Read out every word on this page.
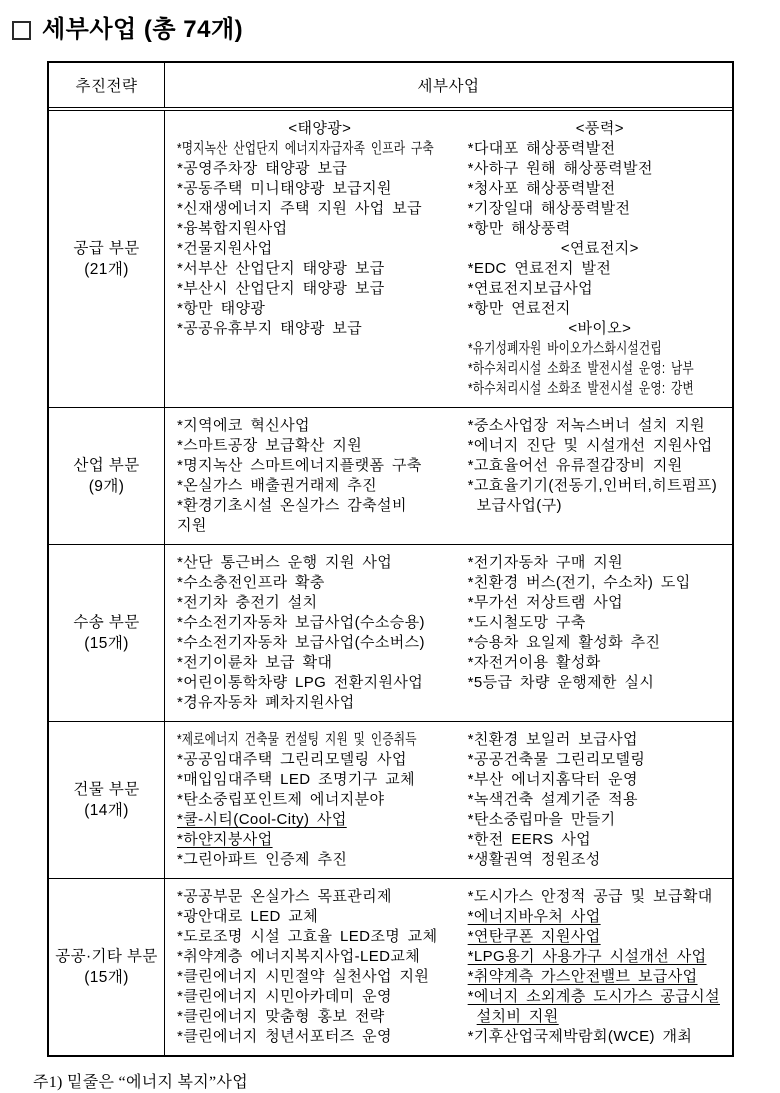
세부사업 (총 74개)
추진전략	세부사업
공급 부문
(21개)
<태양광>
*명지녹산 산업단지 에너지자급자족 인프라 구축
*공영주차장 태양광 보급
*공동주택 미니태양광 보급지원
*신재생에너지 주택 지원 사업 보급
*융복합지원사업
*건물지원사업
*서부산 산업단지 태양광 보급
*부산시 산업단지 태양광 보급
*항만 태양광
*공공유휴부지 태양광 보급
<풍력>
*다대포 해상풍력발전
*사하구 원해 해상풍력발전
*청사포 해상풍력발전
*기장일대 해상풍력발전
*항만 해상풍력
<연료전지>
*EDC 연료전지 발전
*연료전지보급사업
*항만 연료전지
<바이오>
*유기성폐자원 바이오가스화시설건립
*하수처리시설 소화조 발전시설 운영: 남부
*하수처리시설 소화조 발전시설 운영: 강변
산업 부문
(9개)
*지역에코 혁신사업
*스마트공장 보급확산 지원
*명지녹산 스마트에너지플랫폼 구축
*온실가스 배출권거래제 추진
*환경기초시설 온실가스 감축설비
지원
*중소사업장 저녹스버너 설치 지원
*에너지 진단 및 시설개선 지원사업
*고효율어선 유류절감장비 지원
*고효율기기(전동기,인버터,히트펌프)
보급사업(구)
수송 부문
(15개)
*산단 통근버스 운행 지원 사업
*수소충전인프라 확충
*전기차 충전기 설치
*수소전기자동차 보급사업(수소승용)
*수소전기자동차 보급사업(수소버스)
*전기이륜차 보급 확대
*어린이통학차량 LPG 전환지원사업
*경유자동차 폐차지원사업
*전기자동차 구매 지원
*친환경 버스(전기, 수소차) 도입
*무가선 저상트램 사업
*도시철도망 구축
*승용차 요일제 활성화 추진
*자전거이용 활성화
*5등급 차량 운행제한 실시
건물 부문
(14개)
*제로에너지 건축물 컨설팅 지원 및 인증취득
*공공임대주택 그린리모델링 사업
*매입임대주택 LED 조명기구 교체
*탄소중립포인트제 에너지분야
*쿨-시티(Cool-City) 사업
*하얀지붕사업
*그린아파트 인증제 추진
*친환경 보일러 보급사업
*공공건축물 그린리모델링
*부산 에너지홈닥터 운영
*녹색건축 설계기준 적용
*탄소중립마을 만들기
*한전 EERS 사업
*생활권역 정원조성
공공·기타 부문
(15개)
*공공부문 온실가스 목표관리제
*광안대로 LED 교체
*도로조명 시설 고효율 LED조명 교체
*취약계층 에너지복지사업-LED교체
*클린에너지 시민절약 실천사업 지원
*클린에너지 시민아카데미 운영
*클린에너지 맞춤형 홍보 전략
*클린에너지 청년서포터즈 운영
*도시가스 안정적 공급 및 보급확대
*에너지바우처 사업
*연탄쿠폰 지원사업
*LPG용기 사용가구 시설개선 사업
*취약계측 가스안전밸브 보급사업
*에너지 소외계층 도시가스 공급시설
설치비 지원
*기후산업국제박람회(WCE) 개최
주1) 밑줄은 “에너지 복지”사업
